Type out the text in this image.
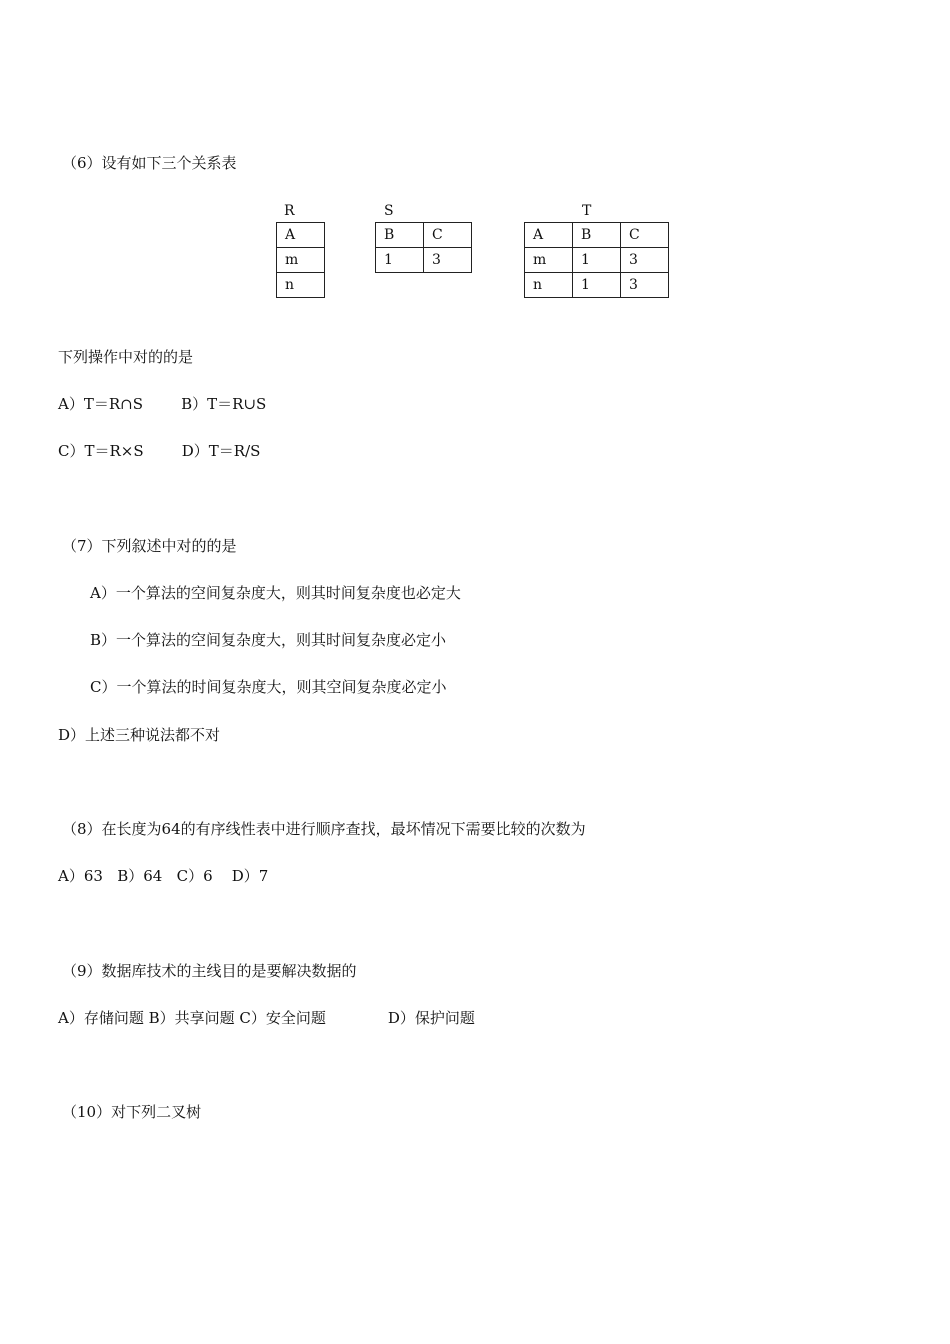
（6）设有如下三个关系表
R
A
m
n
S
B	C
1	3
T
A	B	C
m	1	3
n	1	3
下列操作中对的的是
A）T＝R∩S        B）T＝R∪S
C）T＝R×S        D）T＝R/S
（7）下列叙述中对的的是
A）一个算法的空间复杂度大，则其时间复杂度也必定大
B）一个算法的空间复杂度大，则其时间复杂度必定小
C）一个算法的时间复杂度大，则其空间复杂度必定小
D）上述三种说法都不对
（8）在长度为64的有序线性表中进行顺序查找，最坏情况下需要比较的次数为
A）63   B）64   C）6    D）7
（9）数据库技术的主线目的是要解决数据的
A）存储问题 B）共享问题 C）安全问题             D）保护问题
（10）对下列二叉树
